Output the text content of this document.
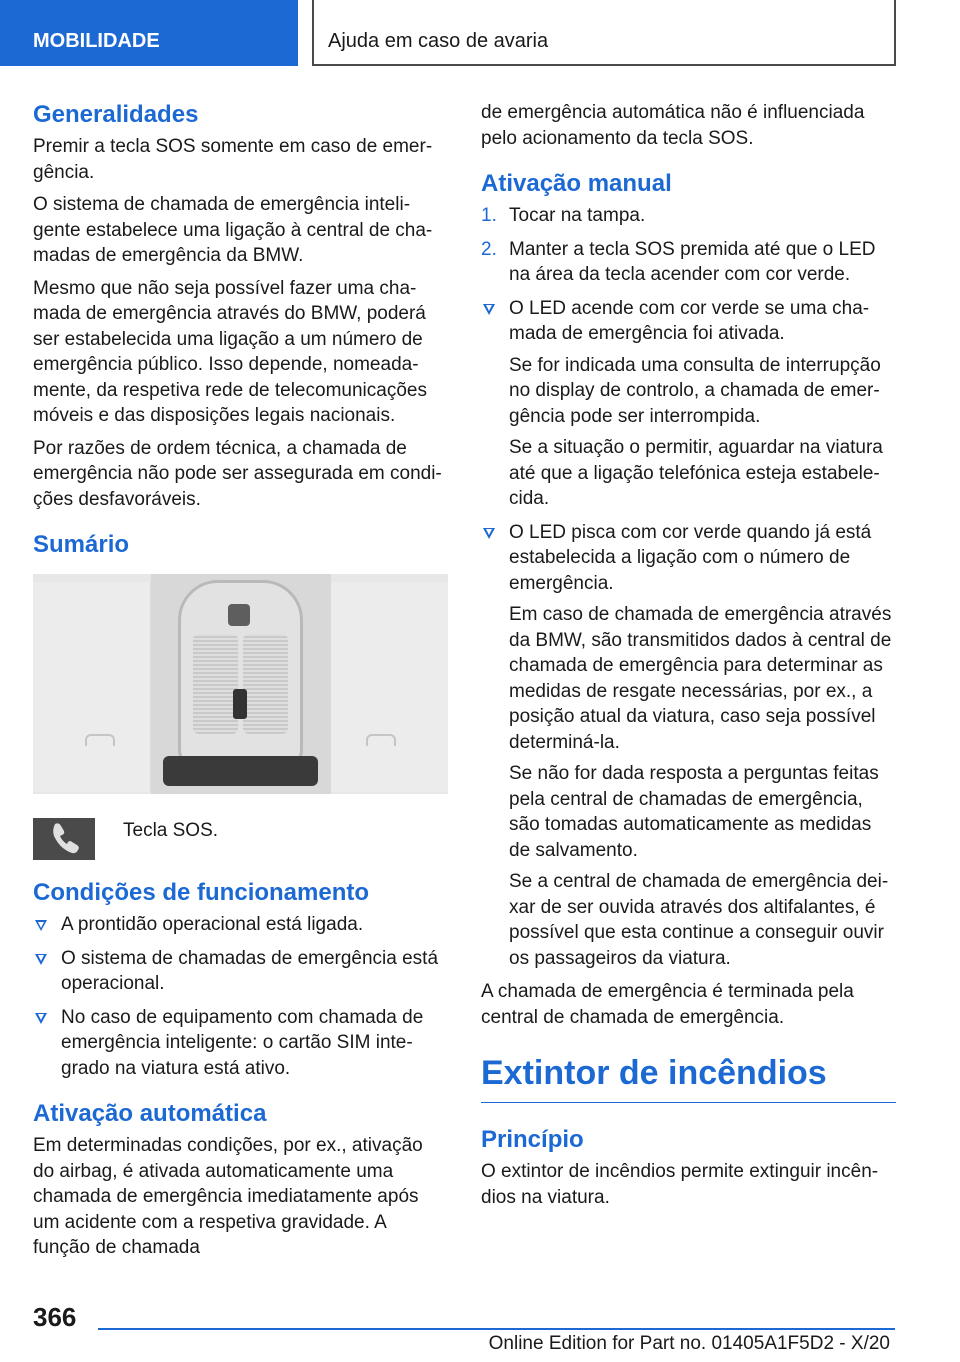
MOBILIDADE	Ajuda em caso de avaria
Generalidades

Premir a tecla SOS somente em caso de emer‐gência.

O sistema de chamada de emergência inteli‐gente estabelece uma ligação à central de cha‐madas de emergência da BMW.

Mesmo que não seja possível fazer uma cha‐mada de emergência através do BMW, poderá ser estabelecida uma ligação a um número de emergência público. Isso depende, nomeada‐mente, da respetiva rede de telecomunicações móveis e das disposições legais nacionais.

Por razões de ordem técnica, a chamada de emergência não pode ser assegurada em condi‐ções desfavoráveis.

Sumário
Tecla SOS.
Condições de funcionamento
A prontidão operacional está ligada.
O sistema de chamadas de emergência está operacional.
No caso de equipamento com chamada de emergência inteligente: o cartão SIM inte‐grado na viatura está ativo.
Ativação automática

Em determinadas condições, por ex., ativação do airbag, é ativada automaticamente uma chamada de emergência imediatamente após um acidente com a respetiva gravidade. A função de chamada

de emergência automática não é influenciada pelo acionamento da tecla SOS.

Ativação manual
1. Tocar na tampa.
2. Manter a tecla SOS premida até que o LED na área da tecla acender com cor verde.
O LED acende com cor verde se uma cha‐mada de emergência foi ativada.
Se for indicada uma consulta de interrupção no display de controlo, a chamada de emer‐gência pode ser interrompida.
Se a situação o permitir, aguardar na viatura até que a ligação telefónica esteja estabele‐cida.
O LED pisca com cor verde quando já está estabelecida a ligação com o número de emergência.
Em caso de chamada de emergência através da BMW, são transmitidos dados à central de chamada de emergência para determinar as medidas de resgate necessárias, por ex., a posição atual da viatura, caso seja possível determiná-la.
Se não for dada resposta a perguntas feitas pela central de chamadas de emergência, são tomadas automaticamente as medidas de salvamento.
Se a central de chamada de emergência dei‐xar de ser ouvida através dos altifalantes, é possível que esta continue a conseguir ouvir os passageiros da viatura.

A chamada de emergência é terminada pela central de chamada de emergência.

Extintor de incêndios
Princípio

O extintor de incêndios permite extinguir incên‐dios na viatura.

366
Online Edition for Part no. 01405A1F5D2 - X/20
